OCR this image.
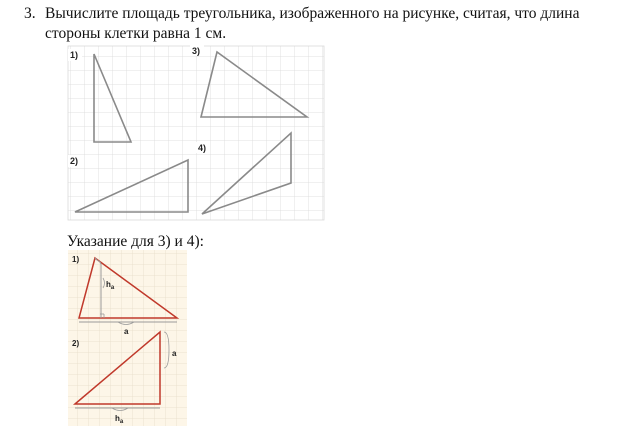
3. Вычислите площадь треугольника, изображенного на рисунке, считая, что длина стороны клетки равна 1 см.

1)
2)
3)
4)
1)
$h_a$
a
2)
$h_a$
a
Указание для 3) и 4):
